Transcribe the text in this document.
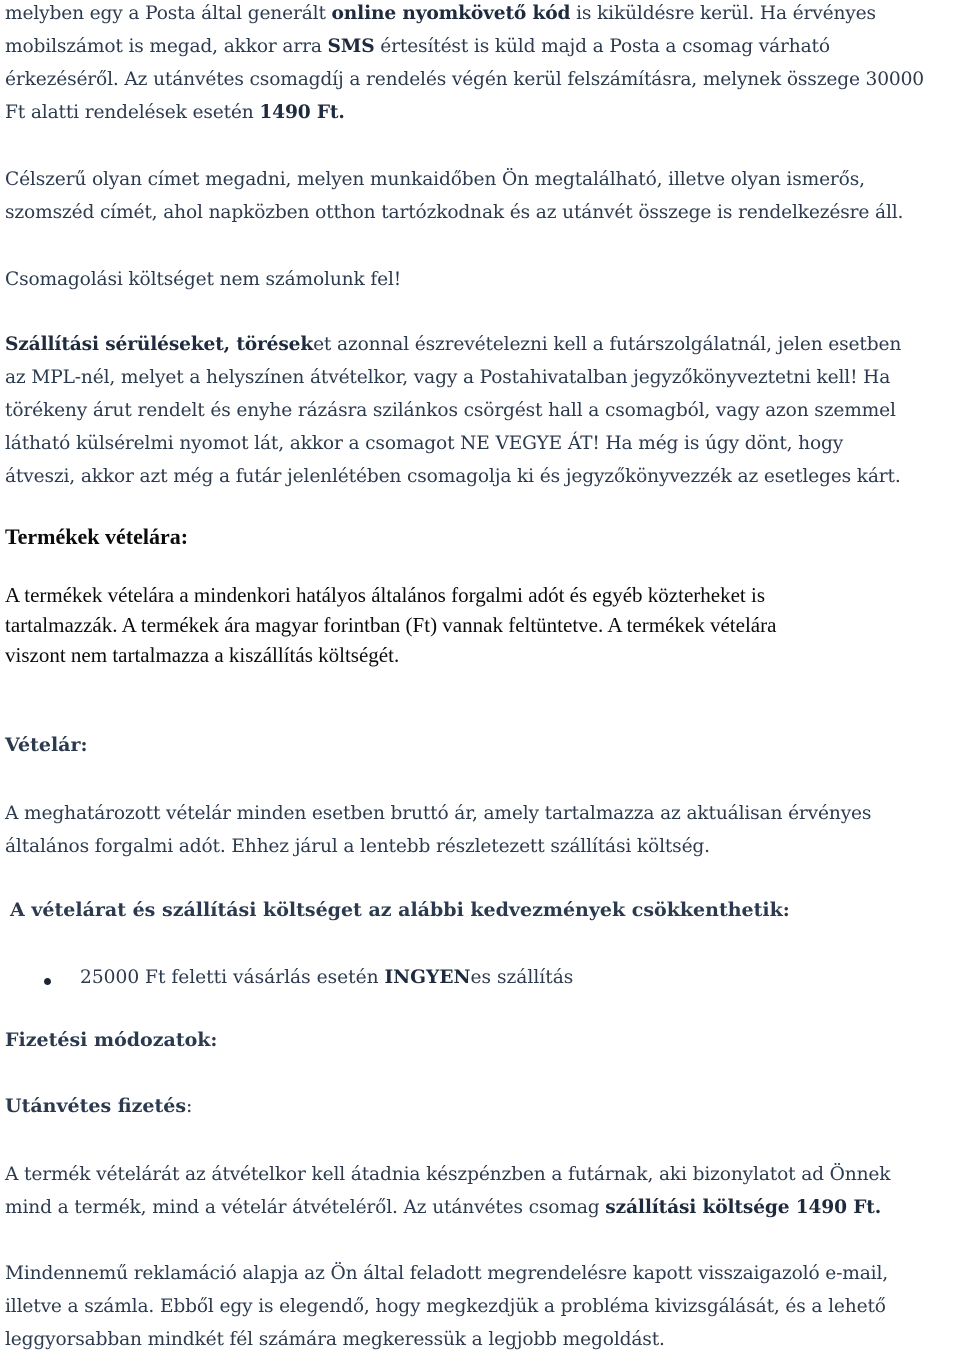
melyben egy a Posta által generált online nyomkövető kód is kiküldésre kerül. Ha érvényes
mobilszámot is megad, akkor arra SMS értesítést is küld majd a Posta a csomag várható
érkezéséről. Az utánvétes csomagdíj a rendelés végén kerül felszámításra, melynek összege 30000
Ft alatti rendelések esetén 1490 Ft.
Célszerű olyan címet megadni, melyen munkaidőben Ön megtalálható, illetve olyan ismerős,
szomszéd címét, ahol napközben otthon tartózkodnak és az utánvét összege is rendelkezésre áll.
Csomagolási költséget nem számolunk fel!
Szállítási sérüléseket, töréseket azonnal észrevételezni kell a futárszolgálatnál, jelen esetben
az MPL-nél, melyet a helyszínen átvételkor, vagy a Postahivatalban jegyzőkönyveztetni kell! Ha
törékeny árut rendelt és enyhe rázásra szilánkos csörgést hall a csomagból, vagy azon szemmel
látható külsérelmi nyomot lát, akkor a csomagot NE VEGYE ÁT! Ha még is úgy dönt, hogy
átveszi, akkor azt még a futár jelenlétében csomagolja ki és jegyzőkönyvezzék az esetleges kárt.
Termékek vételára:
A termékek vételára a mindenkori hatályos általános forgalmi adót és egyéb közterheket is
tartalmazzák. A termékek ára magyar forintban (Ft) vannak feltüntetve. A termékek vételára
viszont nem tartalmazza a kiszállítás költségét.
Vételár:
A meghatározott vételár minden esetben bruttó ár, amely tartalmazza az aktuálisan érvényes
általános forgalmi adót. Ehhez járul a lentebb részletezett szállítási költség.
A vételárat és szállítási költséget az alábbi kedvezmények csökkenthetik:
25000 Ft feletti vásárlás esetén INGYENes szállítás
Fizetési módozatok:
Utánvétes fizetés:
A termék vételárát az átvételkor kell átadnia készpénzben a futárnak, aki bizonylatot ad Önnek
mind a termék, mind a vételár átvételéről. Az utánvétes csomag szállítási költsége 1490 Ft.
Mindennemű reklamáció alapja az Ön által feladott megrendelésre kapott visszaigazoló e-mail,
illetve a számla. Ebből egy is elegendő, hogy megkezdjük a probléma kivizsgálását, és a lehető
leggyorsabban mindkét fél számára megkeressük a legjobb megoldást.
